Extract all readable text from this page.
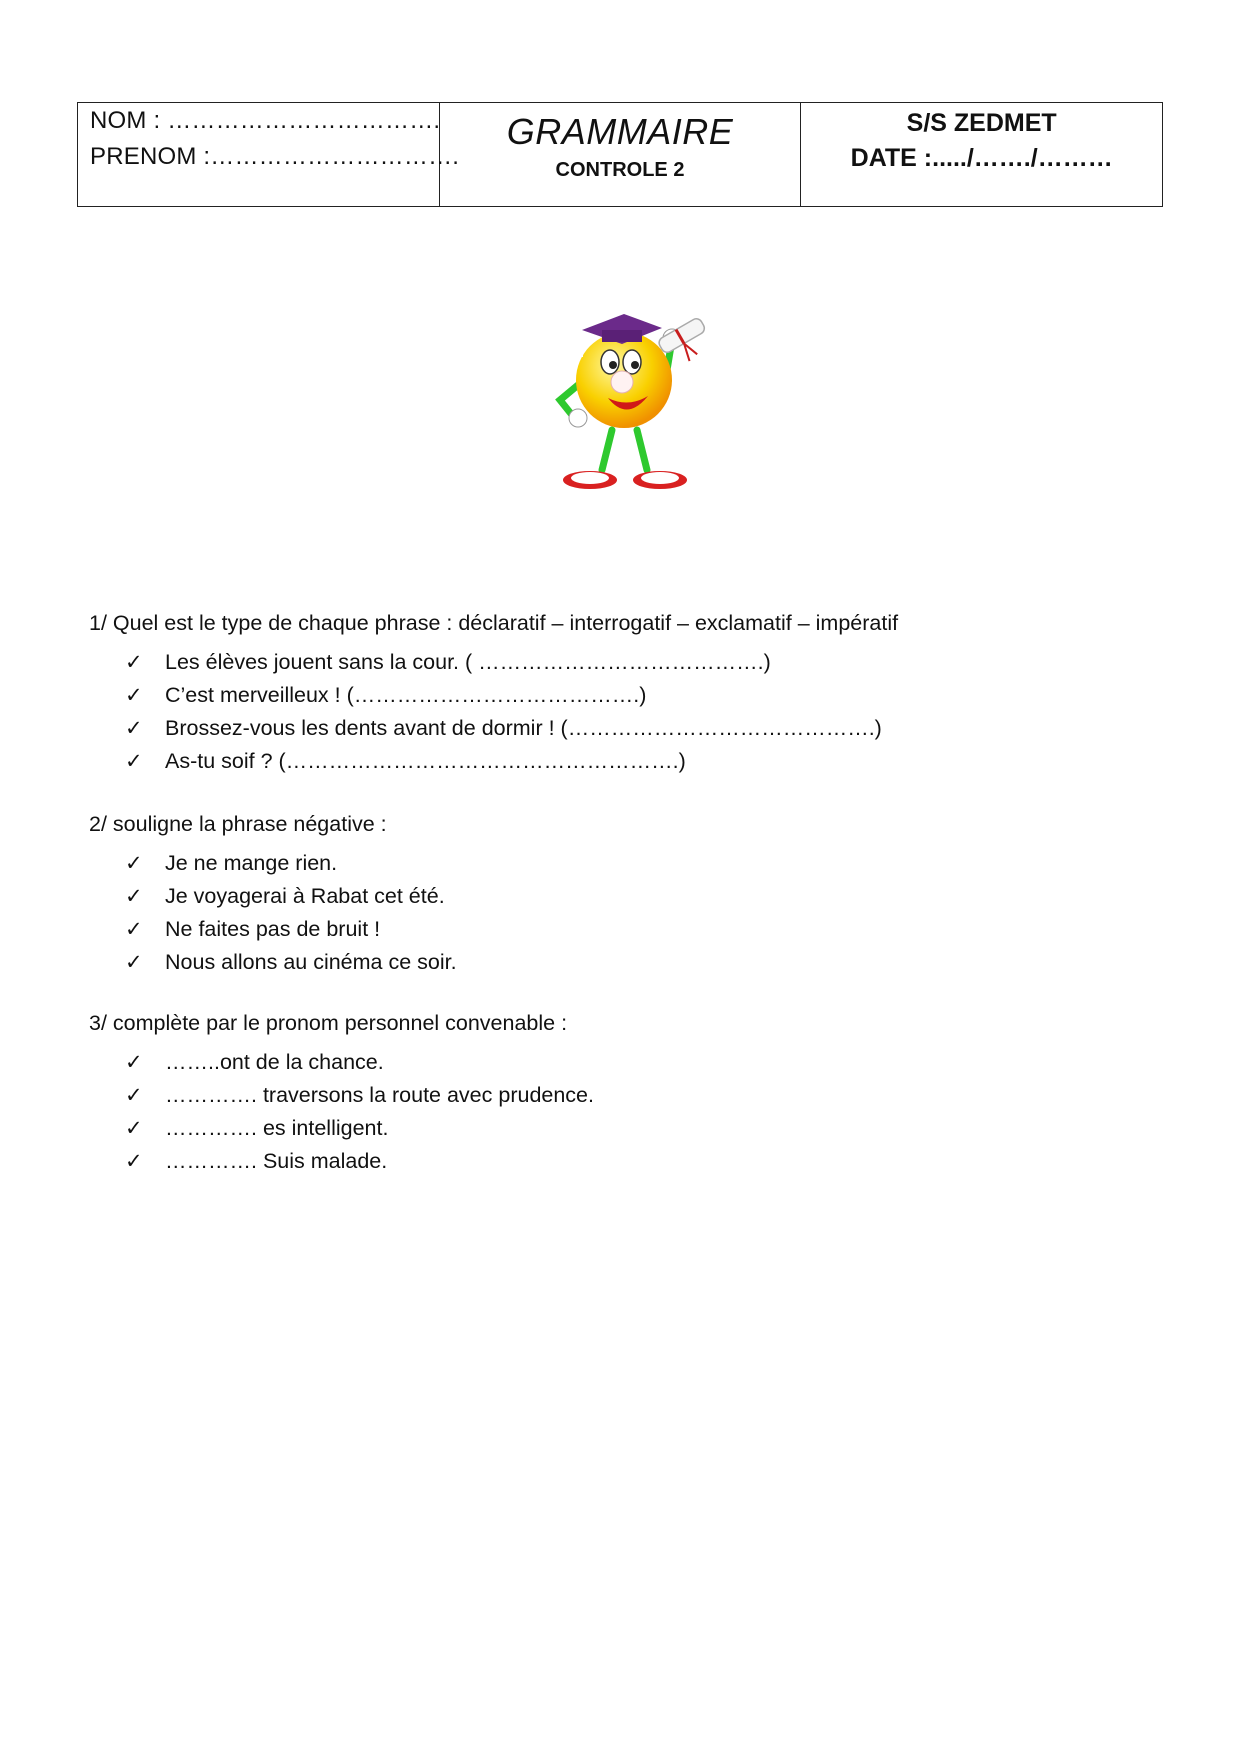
NOM : …………………………….
PRENOM :………………………….
GRAMMAIRE
CONTROLE 2
S/S ZEDMET
DATE :...../……./………
1/ Quel est le type de chaque phrase : déclaratif – interrogatif – exclamatif – impératif
✓ Les élèves jouent sans la cour. ( ………………………………….)
✓ C’est merveilleux ! (………………………………….)
✓ Brossez-vous les dents avant de dormir ! (…………………………………….)
✓ As-tu soif ? (……………………………………………….)
2/ souligne la phrase négative :
✓ Je ne mange rien.
✓ Je voyagerai à Rabat cet été.
✓ Ne faites pas de bruit !
✓ Nous allons au cinéma ce soir.
3/ complète par le pronom personnel convenable :
✓ ……..ont de la chance.
✓ …………. traversons la route avec prudence.
✓ …………. es intelligent.
✓ …………. Suis malade.
